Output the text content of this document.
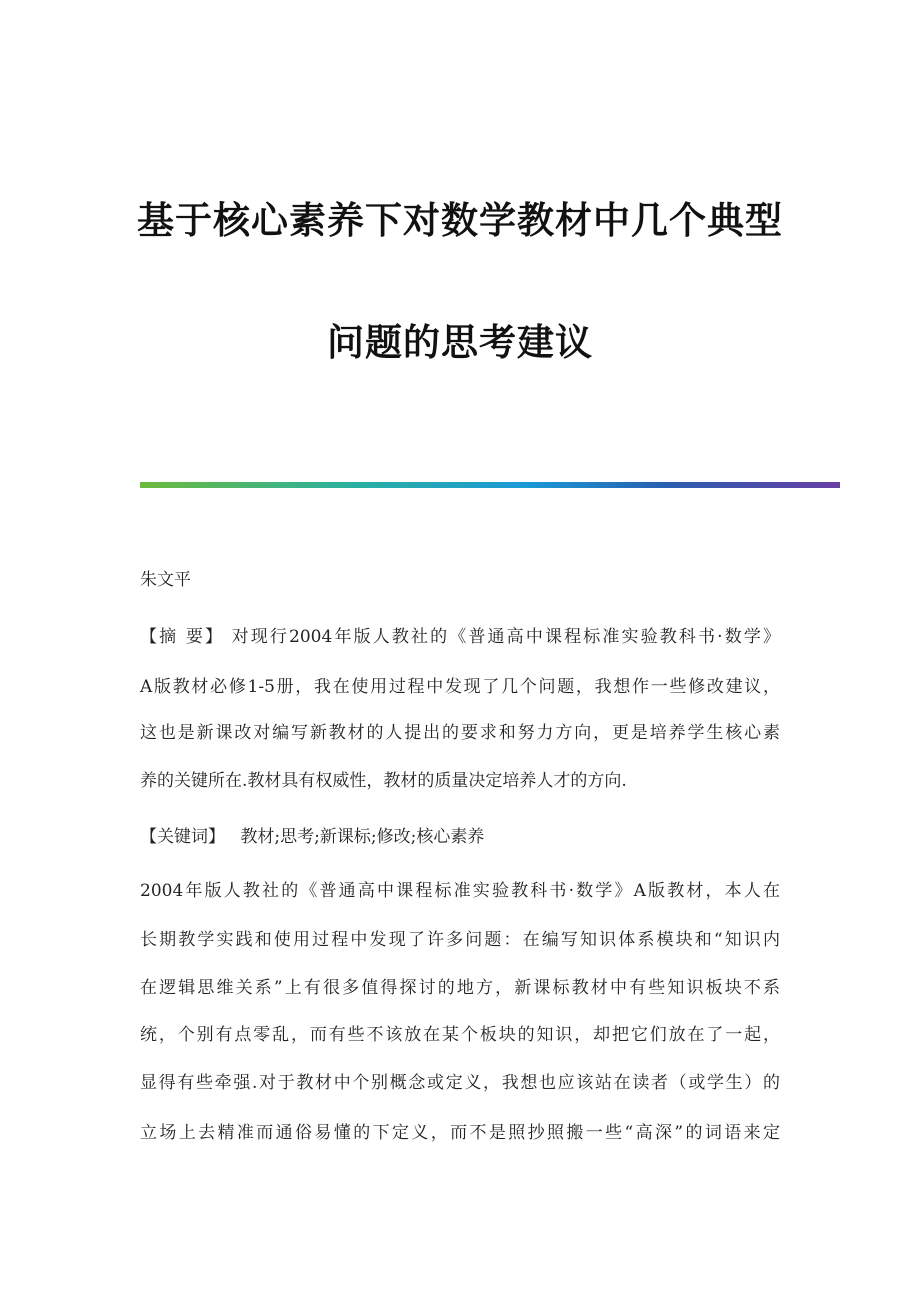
基于核心素养下对数学教材中几个典型
问题的思考建议
朱文平
【摘 要】 对现行2004年版人教社的《普通高中课程标准实验教科书·数学》
A版教材必修1-5册，我在使用过程中发现了几个问题，我想作一些修改建议，
这也是新课改对编写新教材的人提出的要求和努力方向，更是培养学生核心素
养的关键所在.教材具有权威性，教材的质量决定培养人才的方向.
【关键词】 教材;思考;新课标;修改;核心素养
2004年版人教社的《普通高中课程标准实验教科书·数学》A版教材，本人在
长期教学实践和使用过程中发现了许多问题：在编写知识体系模块和“知识内
在逻辑思维关系”上有很多值得探讨的地方，新课标教材中有些知识板块不系
统，个别有点零乱，而有些不该放在某个板块的知识，却把它们放在了一起，
显得有些牵强.对于教材中个别概念或定义，我想也应该站在读者（或学生）的
立场上去精准而通俗易懂的下定义，而不是照抄照搬一些“高深”的词语来定
